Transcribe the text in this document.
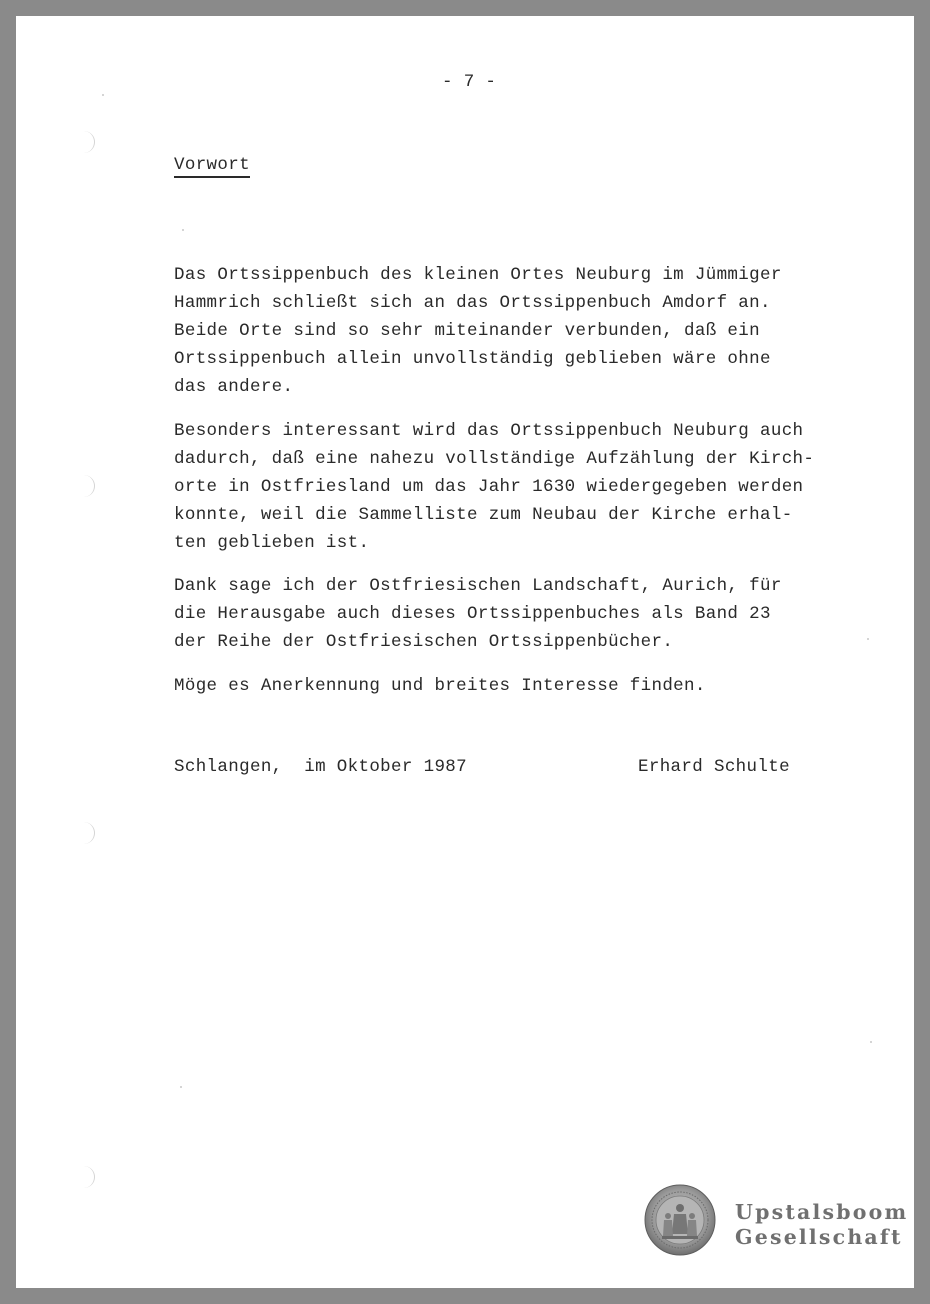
- 7 -
Vorwort
Das Ortssippenbuch des kleinen Ortes Neuburg im Jümmiger
Hammrich schließt sich an das Ortssippenbuch Amdorf an.
Beide Orte sind so sehr miteinander verbunden, daß ein
Ortssippenbuch allein unvollständig geblieben wäre ohne
das andere.
Besonders interessant wird das Ortssippenbuch Neuburg auch
dadurch, daß eine nahezu vollständige Aufzählung der Kirch-
orte in Ostfriesland um das Jahr 1630 wiedergegeben werden
konnte, weil die Sammelliste zum Neubau der Kirche erhal-
ten geblieben ist.
Dank sage ich der Ostfriesischen Landschaft, Aurich, für
die Herausgabe auch dieses Ortssippenbuches als Band 23
der Reihe der Ostfriesischen Ortssippenbücher.
Möge es Anerkennung und breites Interesse finden.
Schlangen,  im Oktober 1987	Erhard Schulte
Upstalsboom
Gesellschaft
